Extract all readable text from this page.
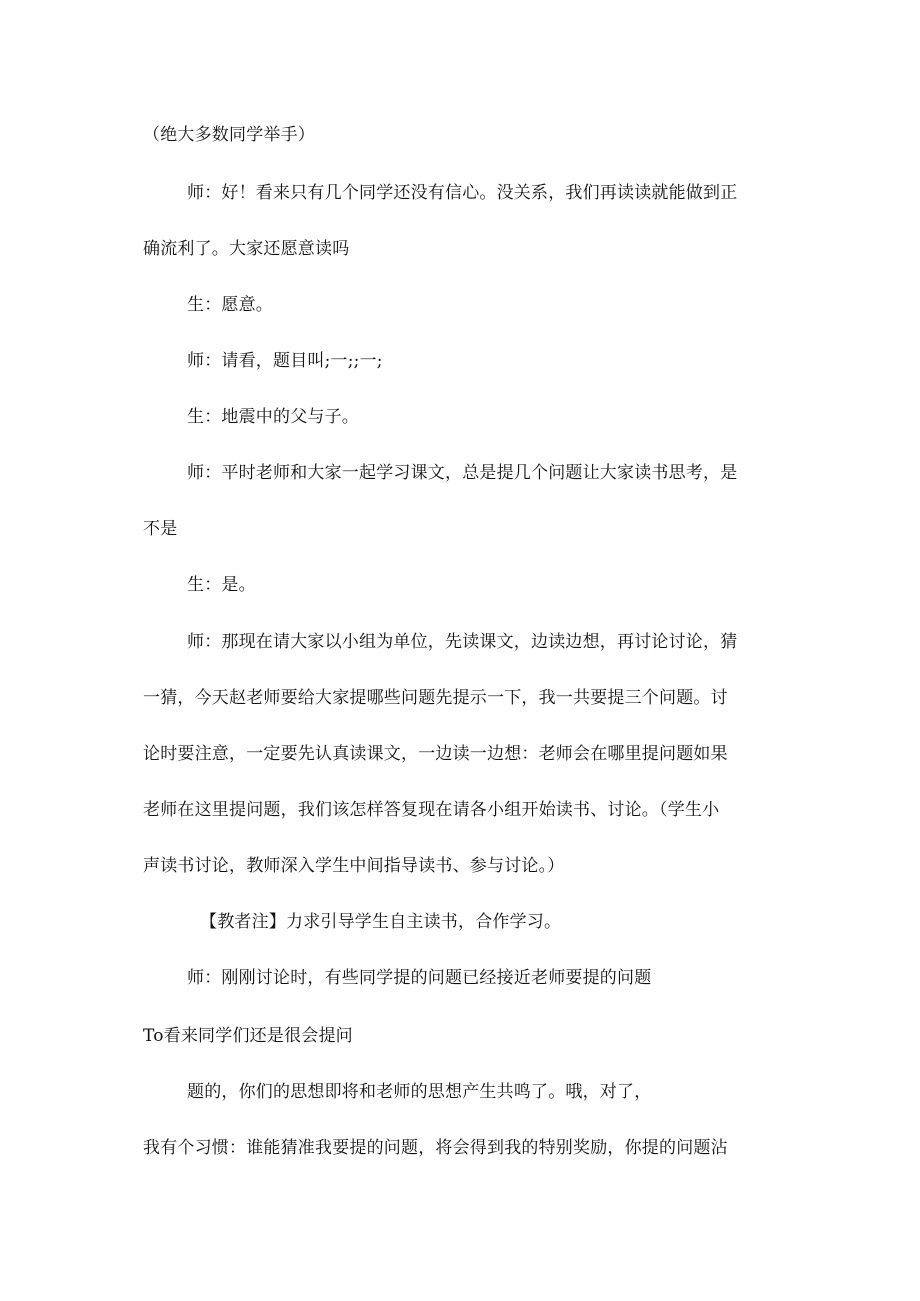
（绝大多数同学举手）
师：好！看来只有几个同学还没有信心。没关系，我们再读读就能做到正
确流利了。大家还愿意读吗
生：愿意。
师：请看，题目叫;一;;一;
生：地震中的父与子。
师：平时老师和大家一起学习课文，总是提几个问题让大家读书思考，是
不是
生：是。
师：那现在请大家以小组为单位，先读课文，边读边想，再讨论讨论，猜
一猜，今天赵老师要给大家提哪些问题先提示一下，我一共要提三个问题。讨
论时要注意，一定要先认真读课文，一边读一边想：老师会在哪里提问题如果
老师在这里提问题，我们该怎样答复现在请各小组开始读书、讨论。（学生小
声读书讨论，教师深入学生中间指导读书、参与讨论。）
【教者注】力求引导学生自主读书，合作学习。
师：刚刚讨论时，有些同学提的问题已经接近老师要提的问题
To看来同学们还是很会提问
题的，你们的思想即将和老师的思想产生共鸣了。哦，对了，
我有个习惯：谁能猜准我要提的问题，将会得到我的特别奖励，你提的问题沾
